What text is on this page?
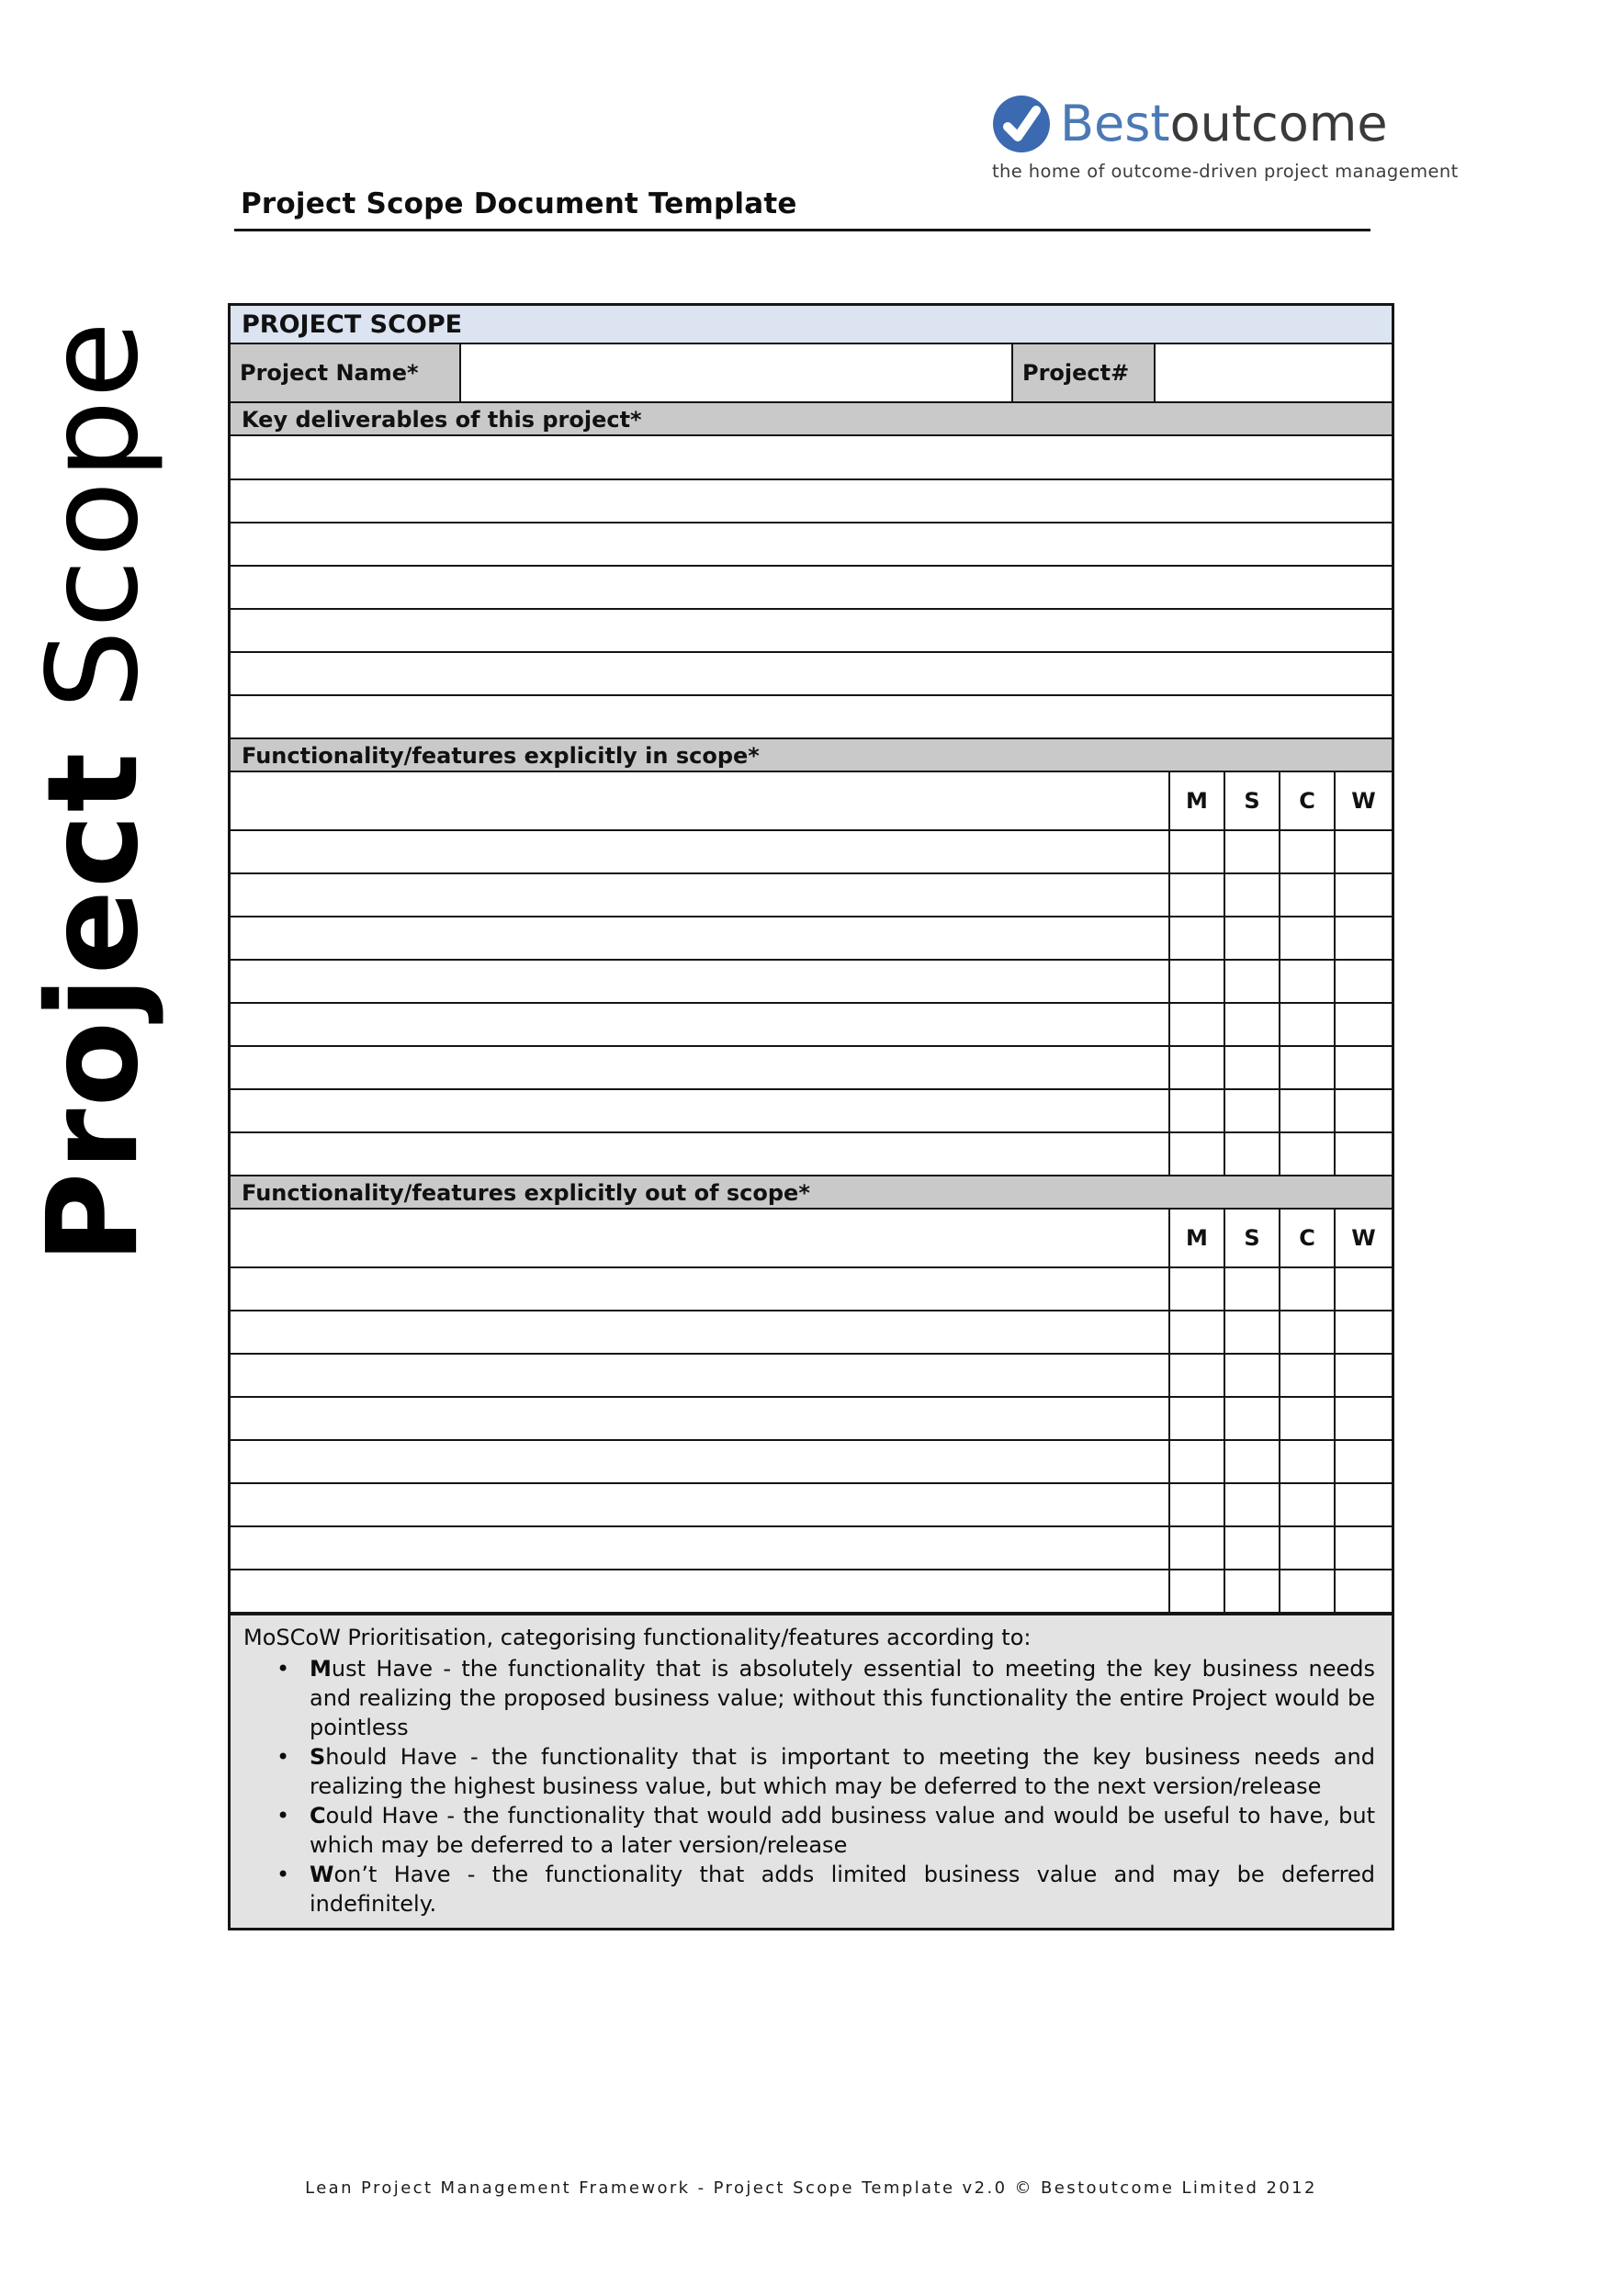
Bestoutcome
the home of outcome-driven project management
Project Scope Document Template
Project Scope	PROJECT SCOPE
Project Name*		Project#	
Key deliverables of this project*

Functionality/features explicitly in scope*
	M	S	C	W

Functionality/features explicitly out of scope*
	M	S	C	W

MoSCoW Prioritisation, categorising functionality/features according to:
• Must Have - the functionality that is absolutely essential to meeting the key business needs and realizing the proposed business value; without this functionality the entire Project would be pointless
• Should Have - the functionality that is important to meeting the key business needs and realizing the highest business value, but which may be deferred to the next version/release
• Could Have - the functionality that would add business value and would be useful to have, but which may be deferred to a later version/release
• Won’t Have - the functionality that adds limited business value and may be deferred indefinitely.
Lean Project Management Framework - Project Scope Template v2.0 © Bestoutcome Limited 2012
